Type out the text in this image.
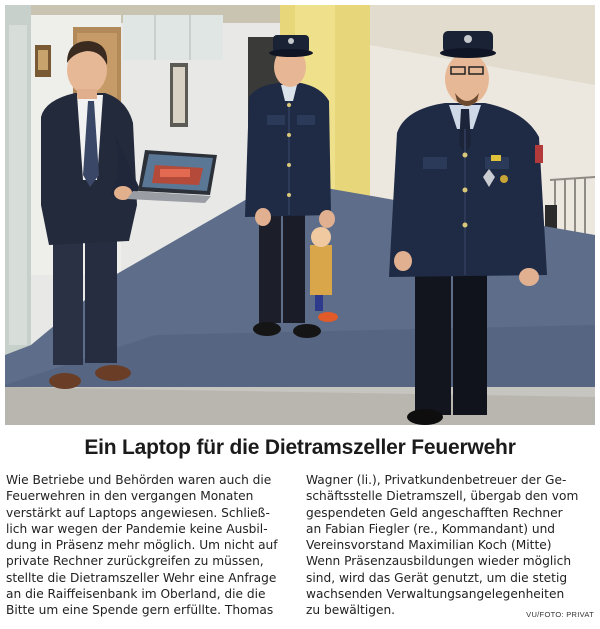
Ein Laptop für die Dietramszeller Feuerwehr
Wie Betriebe und Behörden waren auch die
Feuerwehren in den vergangen Monaten
verstärkt auf Laptops angewiesen. Schließ-
lich war wegen der Pandemie keine Ausbil-
dung in Präsenz mehr möglich. Um nicht auf
private Rechner zurückgreifen zu müssen,
stellte die Dietramszeller Wehr eine Anfrage
an die Raiffeisenbank im Oberland, die die
Bitte um eine Spende gern erfüllte. Thomas
Wagner (li.), Privatkundenbetreuer der Ge-
schäftsstelle Dietramszell, übergab den vom
gespendeten Geld angeschafften Rechner
an Fabian Fiegler (re., Kommandant) und
Vereinsvorstand Maximilian Koch (Mitte)
Wenn Präsenzausbildungen wieder möglich
sind, wird das Gerät genutzt, um die stetig
wachsenden Verwaltungsangelegenheiten
zu bewältigen.	VU/FOTO: PRIVAT
